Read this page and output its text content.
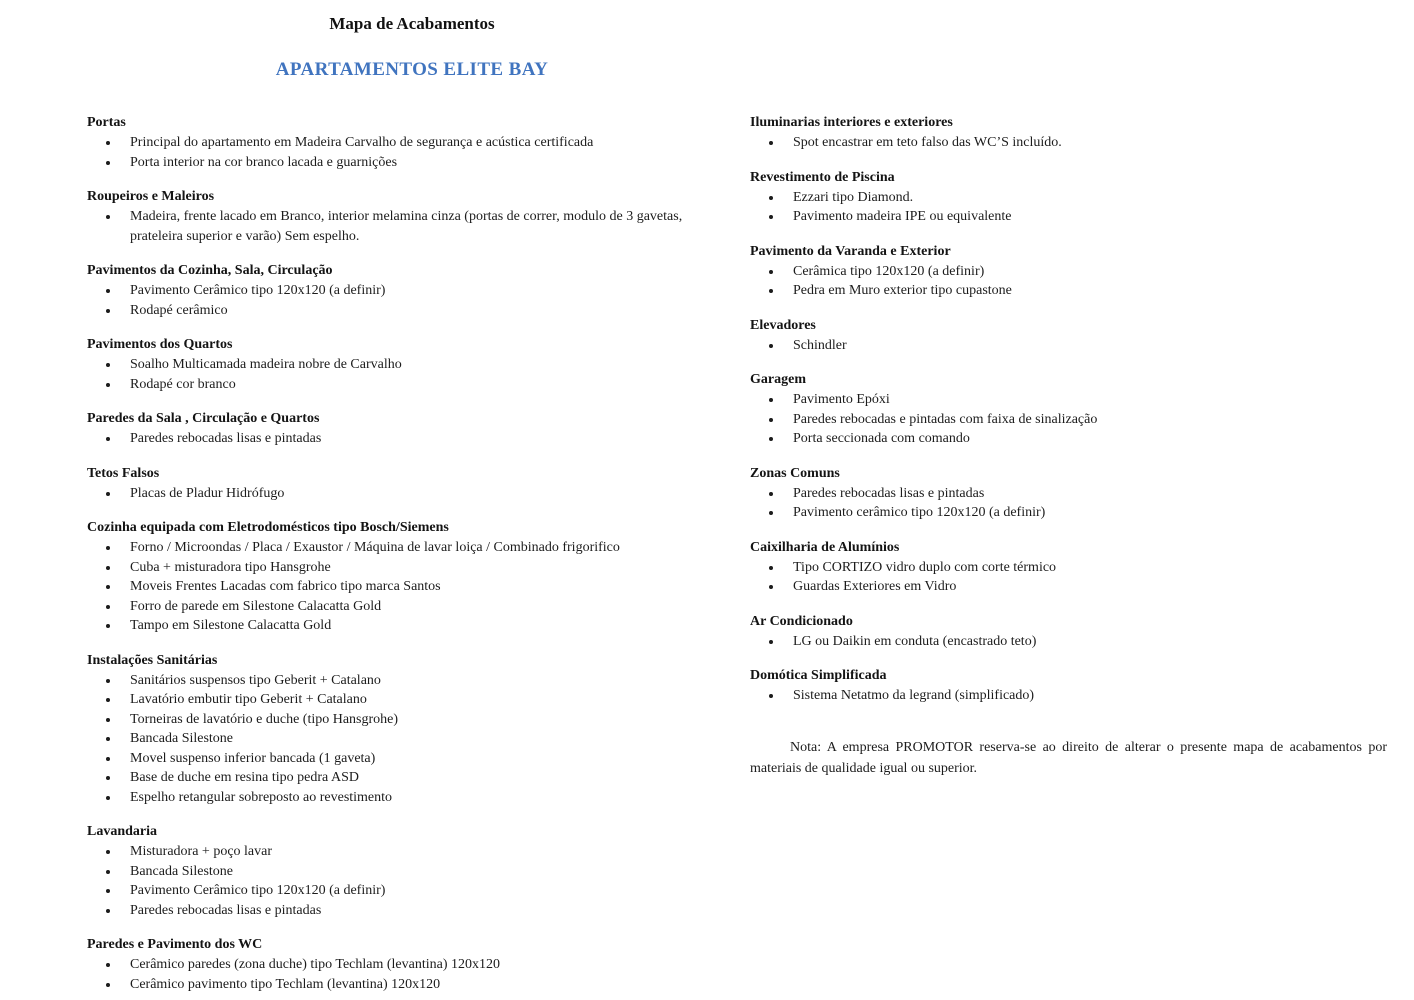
Mapa de Acabamentos
APARTAMENTOS ELITE BAY
Portas
• Principal do apartamento em Madeira Carvalho de segurança e acústica certificada
• Porta interior na cor branco lacada e guarnições
Roupeiros e Maleiros
• Madeira, frente lacado em Branco, interior melamina cinza (portas de correr, modulo de 3 gavetas, prateleira superior e varão) Sem espelho.
Pavimentos da Cozinha, Sala, Circulação
• Pavimento Cerâmico tipo 120x120 (a definir)
• Rodapé cerâmico
Pavimentos dos Quartos
• Soalho Multicamada madeira nobre de Carvalho
• Rodapé cor branco
Paredes da Sala , Circulação e Quartos
• Paredes rebocadas lisas e pintadas
Tetos Falsos
• Placas de Pladur Hidrófugo
Cozinha equipada com Eletrodomésticos tipo Bosch/Siemens
• Forno / Microondas / Placa / Exaustor / Máquina de lavar loiça / Combinado frigorifico
• Cuba + misturadora tipo Hansgrohe
• Moveis Frentes Lacadas com fabrico tipo marca Santos
• Forro de parede em Silestone Calacatta Gold
• Tampo em Silestone Calacatta Gold
Instalações Sanitárias
• Sanitários suspensos tipo Geberit + Catalano
• Lavatório embutir tipo Geberit + Catalano
• Torneiras de lavatório e duche (tipo Hansgrohe)
• Bancada Silestone
• Movel suspenso inferior bancada (1 gaveta)
• Base de duche em resina tipo pedra ASD
• Espelho retangular sobreposto ao revestimento
Lavandaria
• Misturadora + poço lavar
• Bancada Silestone
• Pavimento Cerâmico tipo 120x120 (a definir)
• Paredes rebocadas lisas e pintadas
Paredes e Pavimento dos WC
• Cerâmico paredes (zona duche) tipo Techlam (levantina) 120x120
• Cerâmico pavimento tipo Techlam (levantina) 120x120
Iluminarias interiores e exteriores
• Spot encastrar em teto falso das WC’S incluído.
Revestimento de Piscina
• Ezzari tipo Diamond.
• Pavimento madeira IPE ou equivalente
Pavimento da Varanda e Exterior
• Cerâmica tipo 120x120 (a definir)
• Pedra em Muro exterior tipo cupastone
Elevadores
• Schindler
Garagem
• Pavimento Epóxi
• Paredes rebocadas e pintadas com faixa de sinalização
• Porta seccionada com comando
Zonas Comuns
• Paredes rebocadas lisas e pintadas
• Pavimento cerâmico tipo 120x120 (a definir)
Caixilharia de Alumínios
• Tipo CORTIZO vidro duplo com corte térmico
• Guardas Exteriores em Vidro
Ar Condicionado
• LG ou Daikin em conduta (encastrado teto)
Domótica Simplificada
• Sistema Netatmo da legrand (simplificado)

Nota: A empresa PROMOTOR reserva-se ao direito de alterar o presente mapa de acabamentos por materiais de qualidade igual ou superior.
